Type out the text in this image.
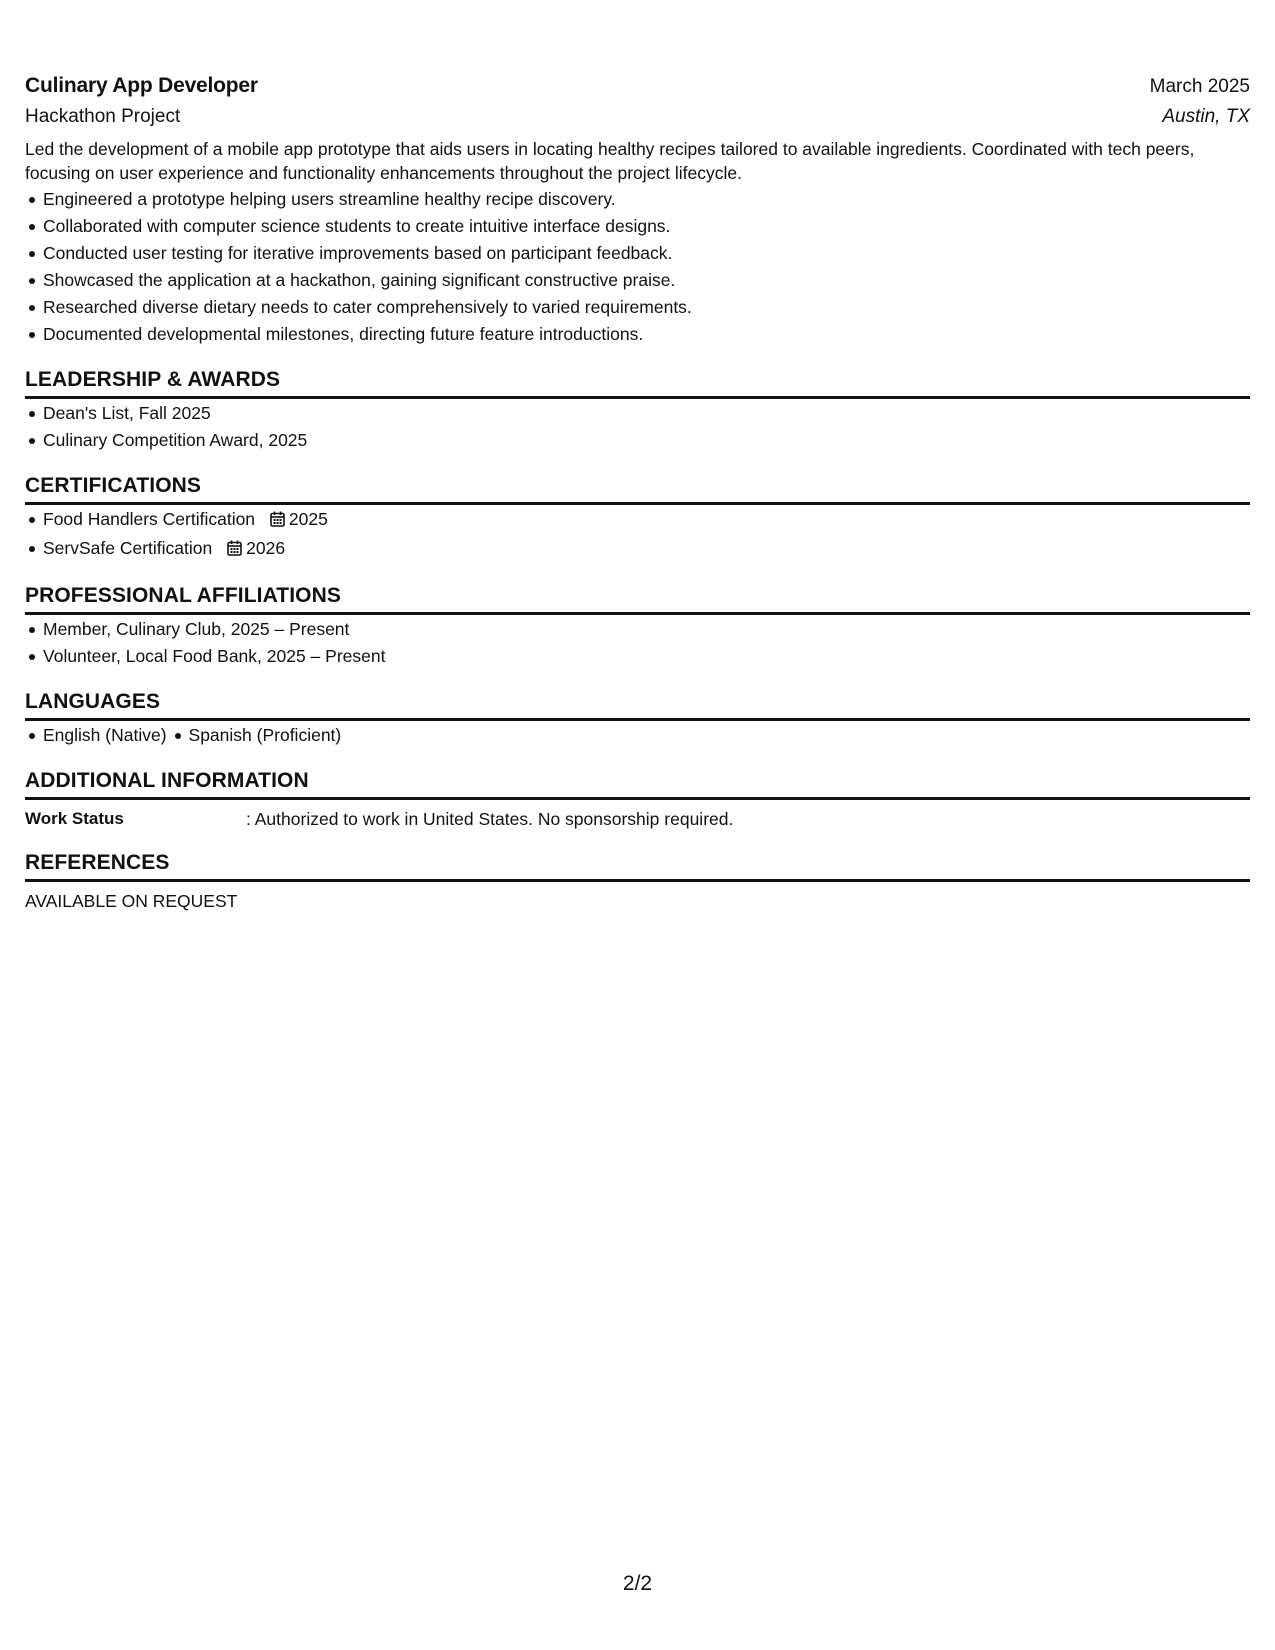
Culinary App Developer	March 2025
Hackathon Project	Austin, TX
Led the development of a mobile app prototype that aids users in locating healthy recipes tailored to available ingredients. Coordinated with tech peers, focusing on user experience and functionality enhancements throughout the project lifecycle.
Engineered a prototype helping users streamline healthy recipe discovery.
Collaborated with computer science students to create intuitive interface designs.
Conducted user testing for iterative improvements based on participant feedback.
Showcased the application at a hackathon, gaining significant constructive praise.
Researched diverse dietary needs to cater comprehensively to varied requirements.
Documented developmental milestones, directing future feature introductions.
LEADERSHIP & AWARDS
Dean's List, Fall 2025
Culinary Competition Award, 2025
CERTIFICATIONS
Food Handlers Certification 2025
ServSafe Certification 2026
PROFESSIONAL AFFILIATIONS
Member, Culinary Club, 2025 – Present
Volunteer, Local Food Bank, 2025 – Present
LANGUAGES
English (Native) Spanish (Proficient)
ADDITIONAL INFORMATION
Work Status	: Authorized to work in United States. No sponsorship required.
REFERENCES
AVAILABLE ON REQUEST
2/2
